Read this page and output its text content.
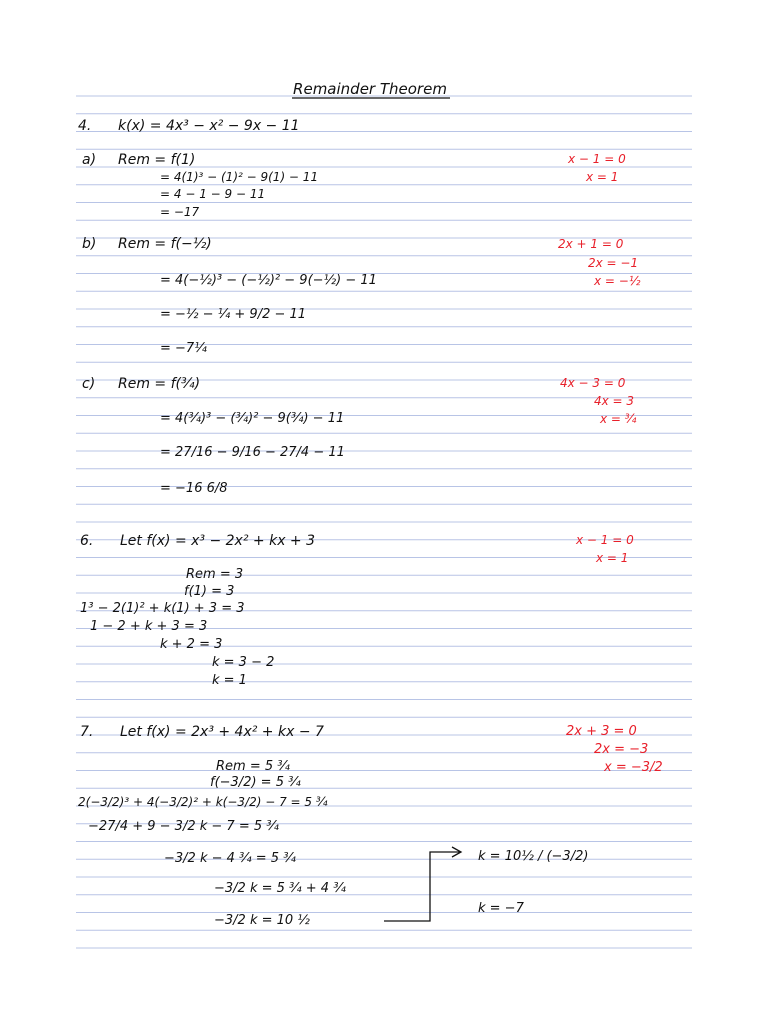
Remainder Theorem
4. k(x) = 4x³ − x² − 9x − 11
a) Rem = f(1)
= 4(1)³ − (1)² − 9(1) − 11
= 4 − 1 − 9 − 11
= −17
x − 1 = 0
x = 1
b) Rem = f(−½)
= 4(−½)³ − (−½)² − 9(−½) − 11
= −½ − ¼ + 9/2 − 11
= −7¼
2x + 1 = 0
2x = −1
x = −½
c) Rem = f(¾)
= 4(¾)³ − (¾)² − 9(¾) − 11
= 27/16 − 9/16 − 27/4 − 11
= −16 6/8
4x − 3 = 0
4x = 3
x = ¾
6. Let f(x) = x³ − 2x² + kx + 3	x − 1 = 0
x = 1
Rem = 3
f(1) = 3
1³ − 2(1)² + k(1) + 3 = 3
1 − 2 + k + 3 = 3
k + 2 = 3
k = 3 − 2
k = 1
7. Let f(x) = 2x³ + 4x² + kx − 7	2x + 3 = 0
2x = −3
x = −3/2
Rem = 5 ¾
f(−3/2) = 5 ¾
2(−3/2)³ + 4(−3/2)² + k(−3/2) − 7 = 5 ¾
−27/4 + 9 − 3/2 k − 7 = 5 ¾
−3/2 k − 4 ¾ = 5 ¾
−3/2 k = 5 ¾ + 4 ¾
−3/2 k = 10 ½
k = 10½ / (−3/2)
k = −7
